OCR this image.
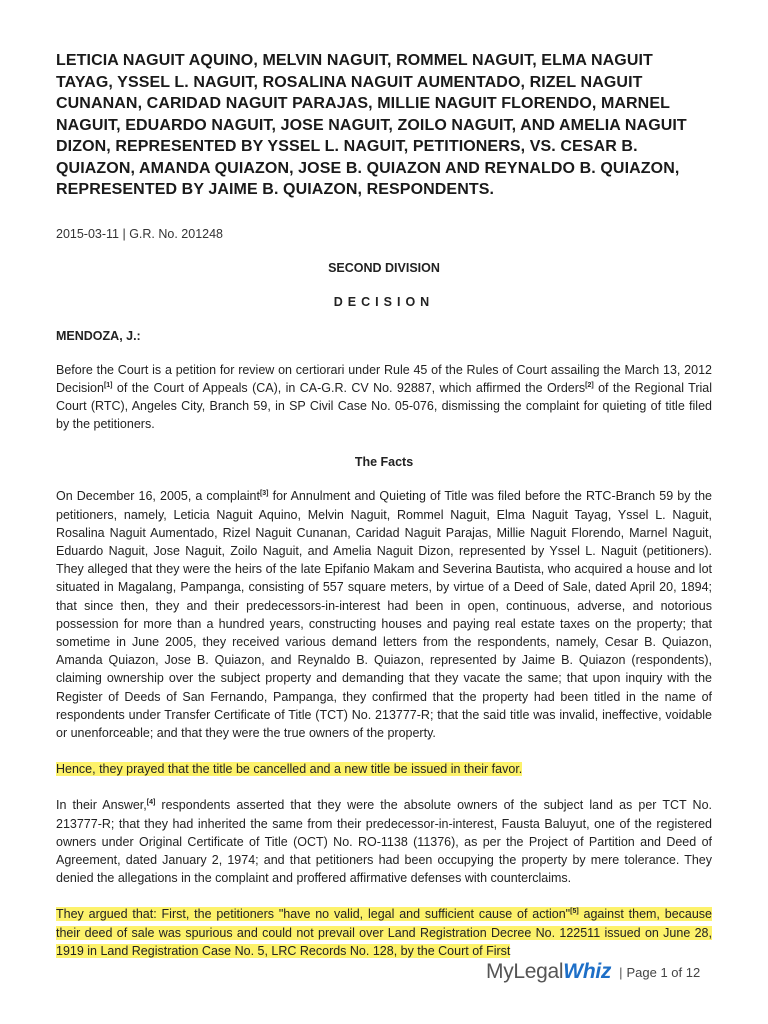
LETICIA NAGUIT AQUINO, MELVIN NAGUIT, ROMMEL NAGUIT, ELMA NAGUIT TAYAG, YSSEL L. NAGUIT, ROSALINA NAGUIT AUMENTADO, RIZEL NAGUIT CUNANAN, CARIDAD NAGUIT PARAJAS, MILLIE NAGUIT FLORENDO, MARNEL NAGUIT, EDUARDO NAGUIT, JOSE NAGUIT, ZOILO NAGUIT, AND AMELIA NAGUIT DIZON, REPRESENTED BY YSSEL L. NAGUIT, PETITIONERS, VS. CESAR B. QUIAZON, AMANDA QUIAZON, JOSE B. QUIAZON AND REYNALDO B. QUIAZON, REPRESENTED BY JAIME B. QUIAZON, RESPONDENTS.
2015-03-11 | G.R. No. 201248
SECOND DIVISION
DECISION
MENDOZA, J.:

Before the Court is a petition for review on certiorari under Rule 45 of the Rules of Court assailing the March 13, 2012 Decision[1] of the Court of Appeals (CA), in CA-G.R. CV No. 92887, which affirmed the Orders[2] of the Regional Trial Court (RTC), Angeles City, Branch 59, in SP Civil Case No. 05-076, dismissing the complaint for quieting of title filed by the petitioners.

The Facts

On December 16, 2005, a complaint[3] for Annulment and Quieting of Title was filed before the RTC-Branch 59 by the petitioners, namely, Leticia Naguit Aquino, Melvin Naguit, Rommel Naguit, Elma Naguit Tayag, Yssel L. Naguit, Rosalina Naguit Aumentado, Rizel Naguit Cunanan, Caridad Naguit Parajas, Millie Naguit Florendo, Marnel Naguit, Eduardo Naguit, Jose Naguit, Zoilo Naguit, and Amelia Naguit Dizon, represented by Yssel L. Naguit (petitioners). They alleged that they were the heirs of the late Epifanio Makam and Severina Bautista, who acquired a house and lot situated in Magalang, Pampanga, consisting of 557 square meters, by virtue of a Deed of Sale, dated April 20, 1894; that since then, they and their predecessors-in-interest had been in open, continuous, adverse, and notorious possession for more than a hundred years, constructing houses and paying real estate taxes on the property; that sometime in June 2005, they received various demand letters from the respondents, namely, Cesar B. Quiazon, Amanda Quiazon, Jose B. Quiazon, and Reynaldo B. Quiazon, represented by Jaime B. Quiazon (respondents), claiming ownership over the subject property and demanding that they vacate the same; that upon inquiry with the Register of Deeds of San Fernando, Pampanga, they confirmed that the property had been titled in the name of respondents under Transfer Certificate of Title (TCT) No. 213777-R; that the said title was invalid, ineffective, voidable or unenforceable; and that they were the true owners of the property.

Hence, they prayed that the title be cancelled and a new title be issued in their favor.

In their Answer,[4] respondents asserted that they were the absolute owners of the subject land as per TCT No. 213777-R; that they had inherited the same from their predecessor-in-interest, Fausta Baluyut, one of the registered owners under Original Certificate of Title (OCT) No. RO-1138 (11376), as per the Project of Partition and Deed of Agreement, dated January 2, 1974; and that petitioners had been occupying the property by mere tolerance. They denied the allegations in the complaint and proffered affirmative defenses with counterclaims.

They argued that: First, the petitioners "have no valid, legal and sufficient cause of action"[5] against them, because their deed of sale was spurious and could not prevail over Land Registration Decree No. 122511 issued on June 28, 1919 in Land Registration Case No. 5, LRC Records No. 128, by the Court of First

MyLegalWhiz | Page 1 of 12
